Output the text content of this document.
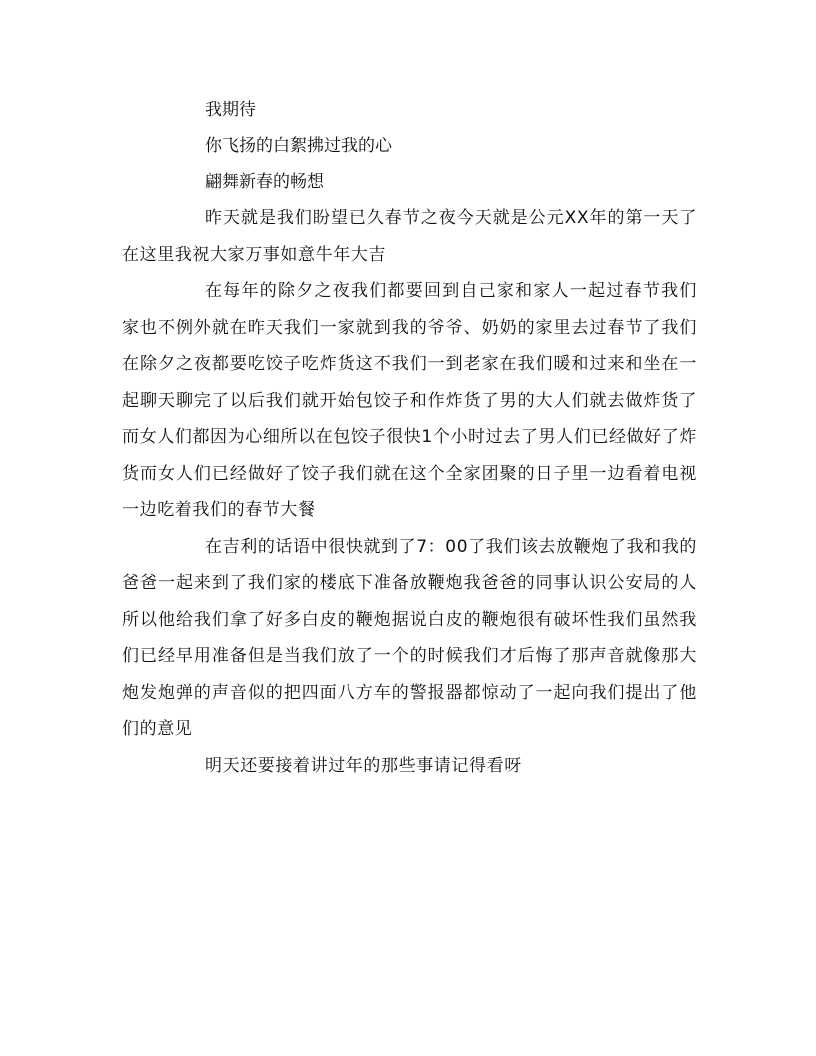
我期待
你飞扬的白絮拂过我的心
翩舞新春的畅想

昨天就是我们盼望已久春节之夜今天就是公元XX年的第一天了在这里我祝大家万事如意牛年大吉

在每年的除夕之夜我们都要回到自己家和家人一起过春节我们家也不例外就在昨天我们一家就到我的爷爷、奶奶的家里去过春节了我们在除夕之夜都要吃饺子吃炸货这不我们一到老家在我们暖和过来和坐在一起聊天聊完了以后我们就开始包饺子和作炸货了男的大人们就去做炸货了而女人们都因为心细所以在包饺子很快1个小时过去了男人们已经做好了炸货而女人们已经做好了饺子我们就在这个全家团聚的日子里一边看着电视一边吃着我们的春节大餐

在吉利的话语中很快就到了7：00了我们该去放鞭炮了我和我的爸爸一起来到了我们家的楼底下准备放鞭炮我爸爸的同事认识公安局的人所以他给我们拿了好多白皮的鞭炮据说白皮的鞭炮很有破坏性我们虽然我们已经早用准备但是当我们放了一个的时候我们才后悔了那声音就像那大炮发炮弹的声音似的把四面八方车的警报器都惊动了一起向我们提出了他们的意见

明天还要接着讲过年的那些事请记得看呀
